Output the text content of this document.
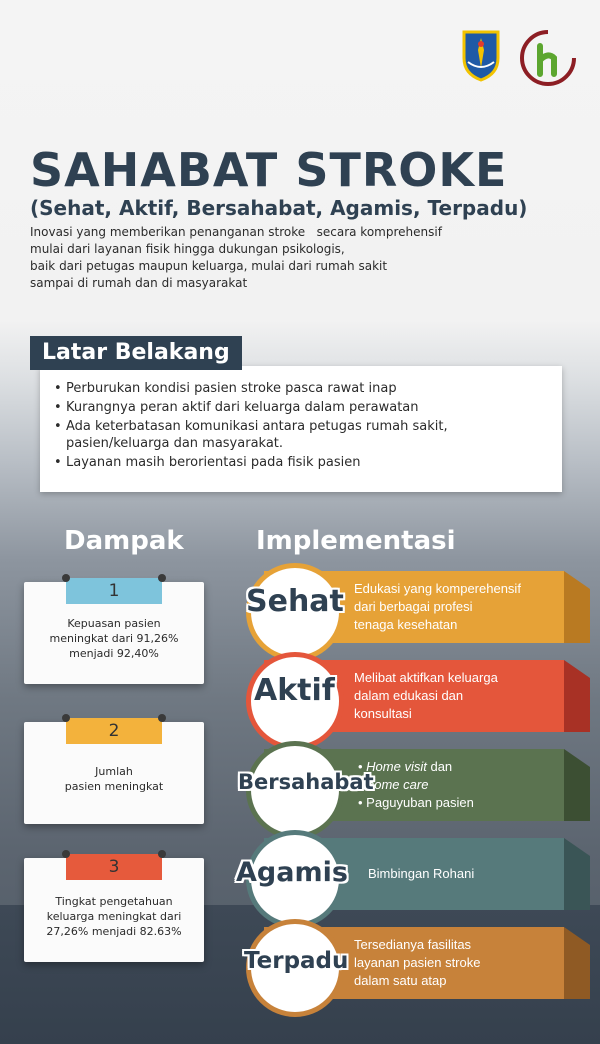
SAHABAT STROKE
(Sehat, Aktif, Bersahabat, Agamis, Terpadu)
Inovasi yang memberikan penanganan stroke   secara komprehensif
mulai dari layanan fisik hingga dukungan psikologis,
baik dari petugas maupun keluarga, mulai dari rumah sakit
sampai di rumah dan di masyarakat
• Perburukan kondisi pasien stroke pasca rawat inap
• Kurangnya peran aktif dari keluarga dalam perawatan
• Ada keterbatasan komunikasi antara petugas rumah sakit,
pasien/keluarga dan masyarakat.
• Layanan masih berorientasi pada fisik pasien
Latar Belakang
Dampak	Implementasi
1
Kepuasan pasien
meningkat dari 91,26%
menjadi 92,40%
2
Jumlah
pasien meningkat
3
Tingkat pengetahuan
keluarga meningkat dari
27,26% menjadi 82.63%
Edukasi yang komperehensif
dari berbagai profesi
tenaga kesehatan
Melibat aktifkan keluarga
dalam edukasi dan
konsultasi
• Home visit dan
home care
• Paguyuban pasien
Bimbingan Rohani
Tersedianya fasilitas
layanan pasien stroke
dalam satu atap
Sehat
Aktif
Bersahabat
Agamis
Terpadu
